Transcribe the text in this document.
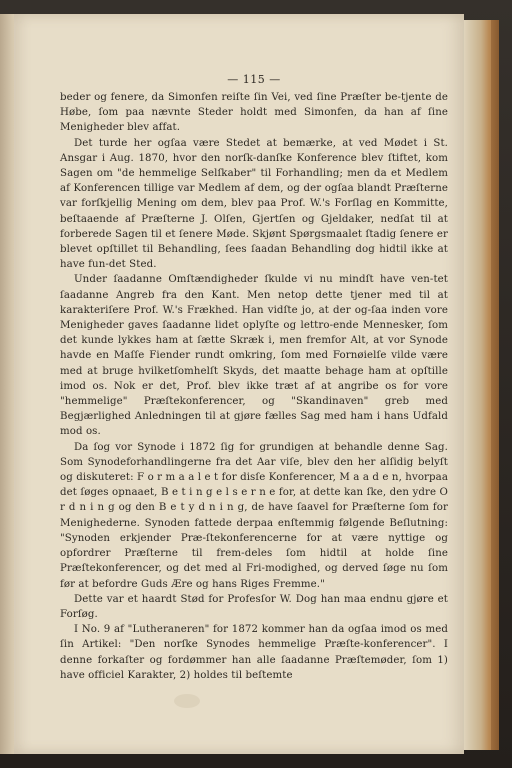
— 115 —

beder og fenere, da Simonfen reiſte ſin Vei, ved ſine Præſter be-tjente de Høbe, ſom paa nævnte Steder holdt med Simonfen, da han af ſine Menigheder blev affat.

Det turde her ogſaa være Stedet at bemærke, at ved Mødet i St. Ansgar i Aug. 1870, hvor den norſk-danſke Konference blev ſtiftet, kom Sagen om "de hemmelige Selſkaber" til Forhandling; men da et Medlem af Konferencen tillige var Medlem af dem, og der ogſaa blandt Præſterne var forſkjellig Mening om dem, blev paa Prof. W.'s Forſlag en Kommitte, beſtaaende af Præſterne J. Olſen, Gjertſen og Gjeldaker, nedſat til at forberede Sagen til et ſenere Møde. Skjønt Spørgsmaalet ſtadig ſenere er blevet opſtillet til Behandling, ſees ſaadan Behandling dog hidtil ikke at have fun-det Sted.

Under ſaadanne Omſtændigheder ſkulde vi nu mindſt have ven-tet ſaadanne Angreb fra den Kant. Men netop dette tjener med til at karakteriſere Prof. W.'s Frækhed. Han vidſte jo, at der og-ſaa inden vore Menigheder gaves ſaadanne lidet oplyſte og lettro-ende Mennesker, ſom det kunde lykkes ham at ſætte Skræk i, men fremfor Alt, at vor Synode havde en Maſſe Fiender rundt omkring, ſom med Fornøielſe vilde være med at bruge hvilketſomhelſt Skyds, det maatte behage ham at opſtille imod os. Nok er det, Prof. blev ikke træt af at angribe os for vore "hemmelige" Præſtekonferencer, og "Skandinaven" greb med Begjærlighed Anledningen til at gjøre fælles Sag med ham i hans Udfald mod os.

Da ſog vor Synode i 1872 ſig for grundigen at behandle denne Sag. Som Synodeforhandlingerne fra det Aar viſe, blev den her alſidig belyſt og diskuteret: F o r m a a l e t for disſe Konferencer, M a a d e n, hvorpaa det ſøges opnaaet, B e t i n g e l s e r n e for, at dette kan ſke, den ydre O r d n i n g og den B e t y d n i n g, de have ſaavel for Præſterne ſom for Menighederne. Synoden fattede derpaa enſtemmig følgende Beſlutning: "Synoden erkjender Præ-ſtekonferencerne for at være nyttige og opfordrer Præſterne til frem-deles ſom hidtil at holde ſine Præſtekonferencer, og det med al Fri-modighed, og derved ſøge nu ſom før at befordre Guds Ære og hans Riges Fremme."

Dette var et haardt Stød for Profesſor W. Dog han maa endnu gjøre et Forſøg.

I No. 9 af "Lutheraneren" for 1872 kommer han da ogſaa imod os med ſin Artikel: "Den norſke Synodes hemmelige Præſte-konferencer". I denne forkaſter og fordømmer han alle ſaadanne Præſtemøder, ſom 1) have officiel Karakter, 2) holdes til beſtemte
